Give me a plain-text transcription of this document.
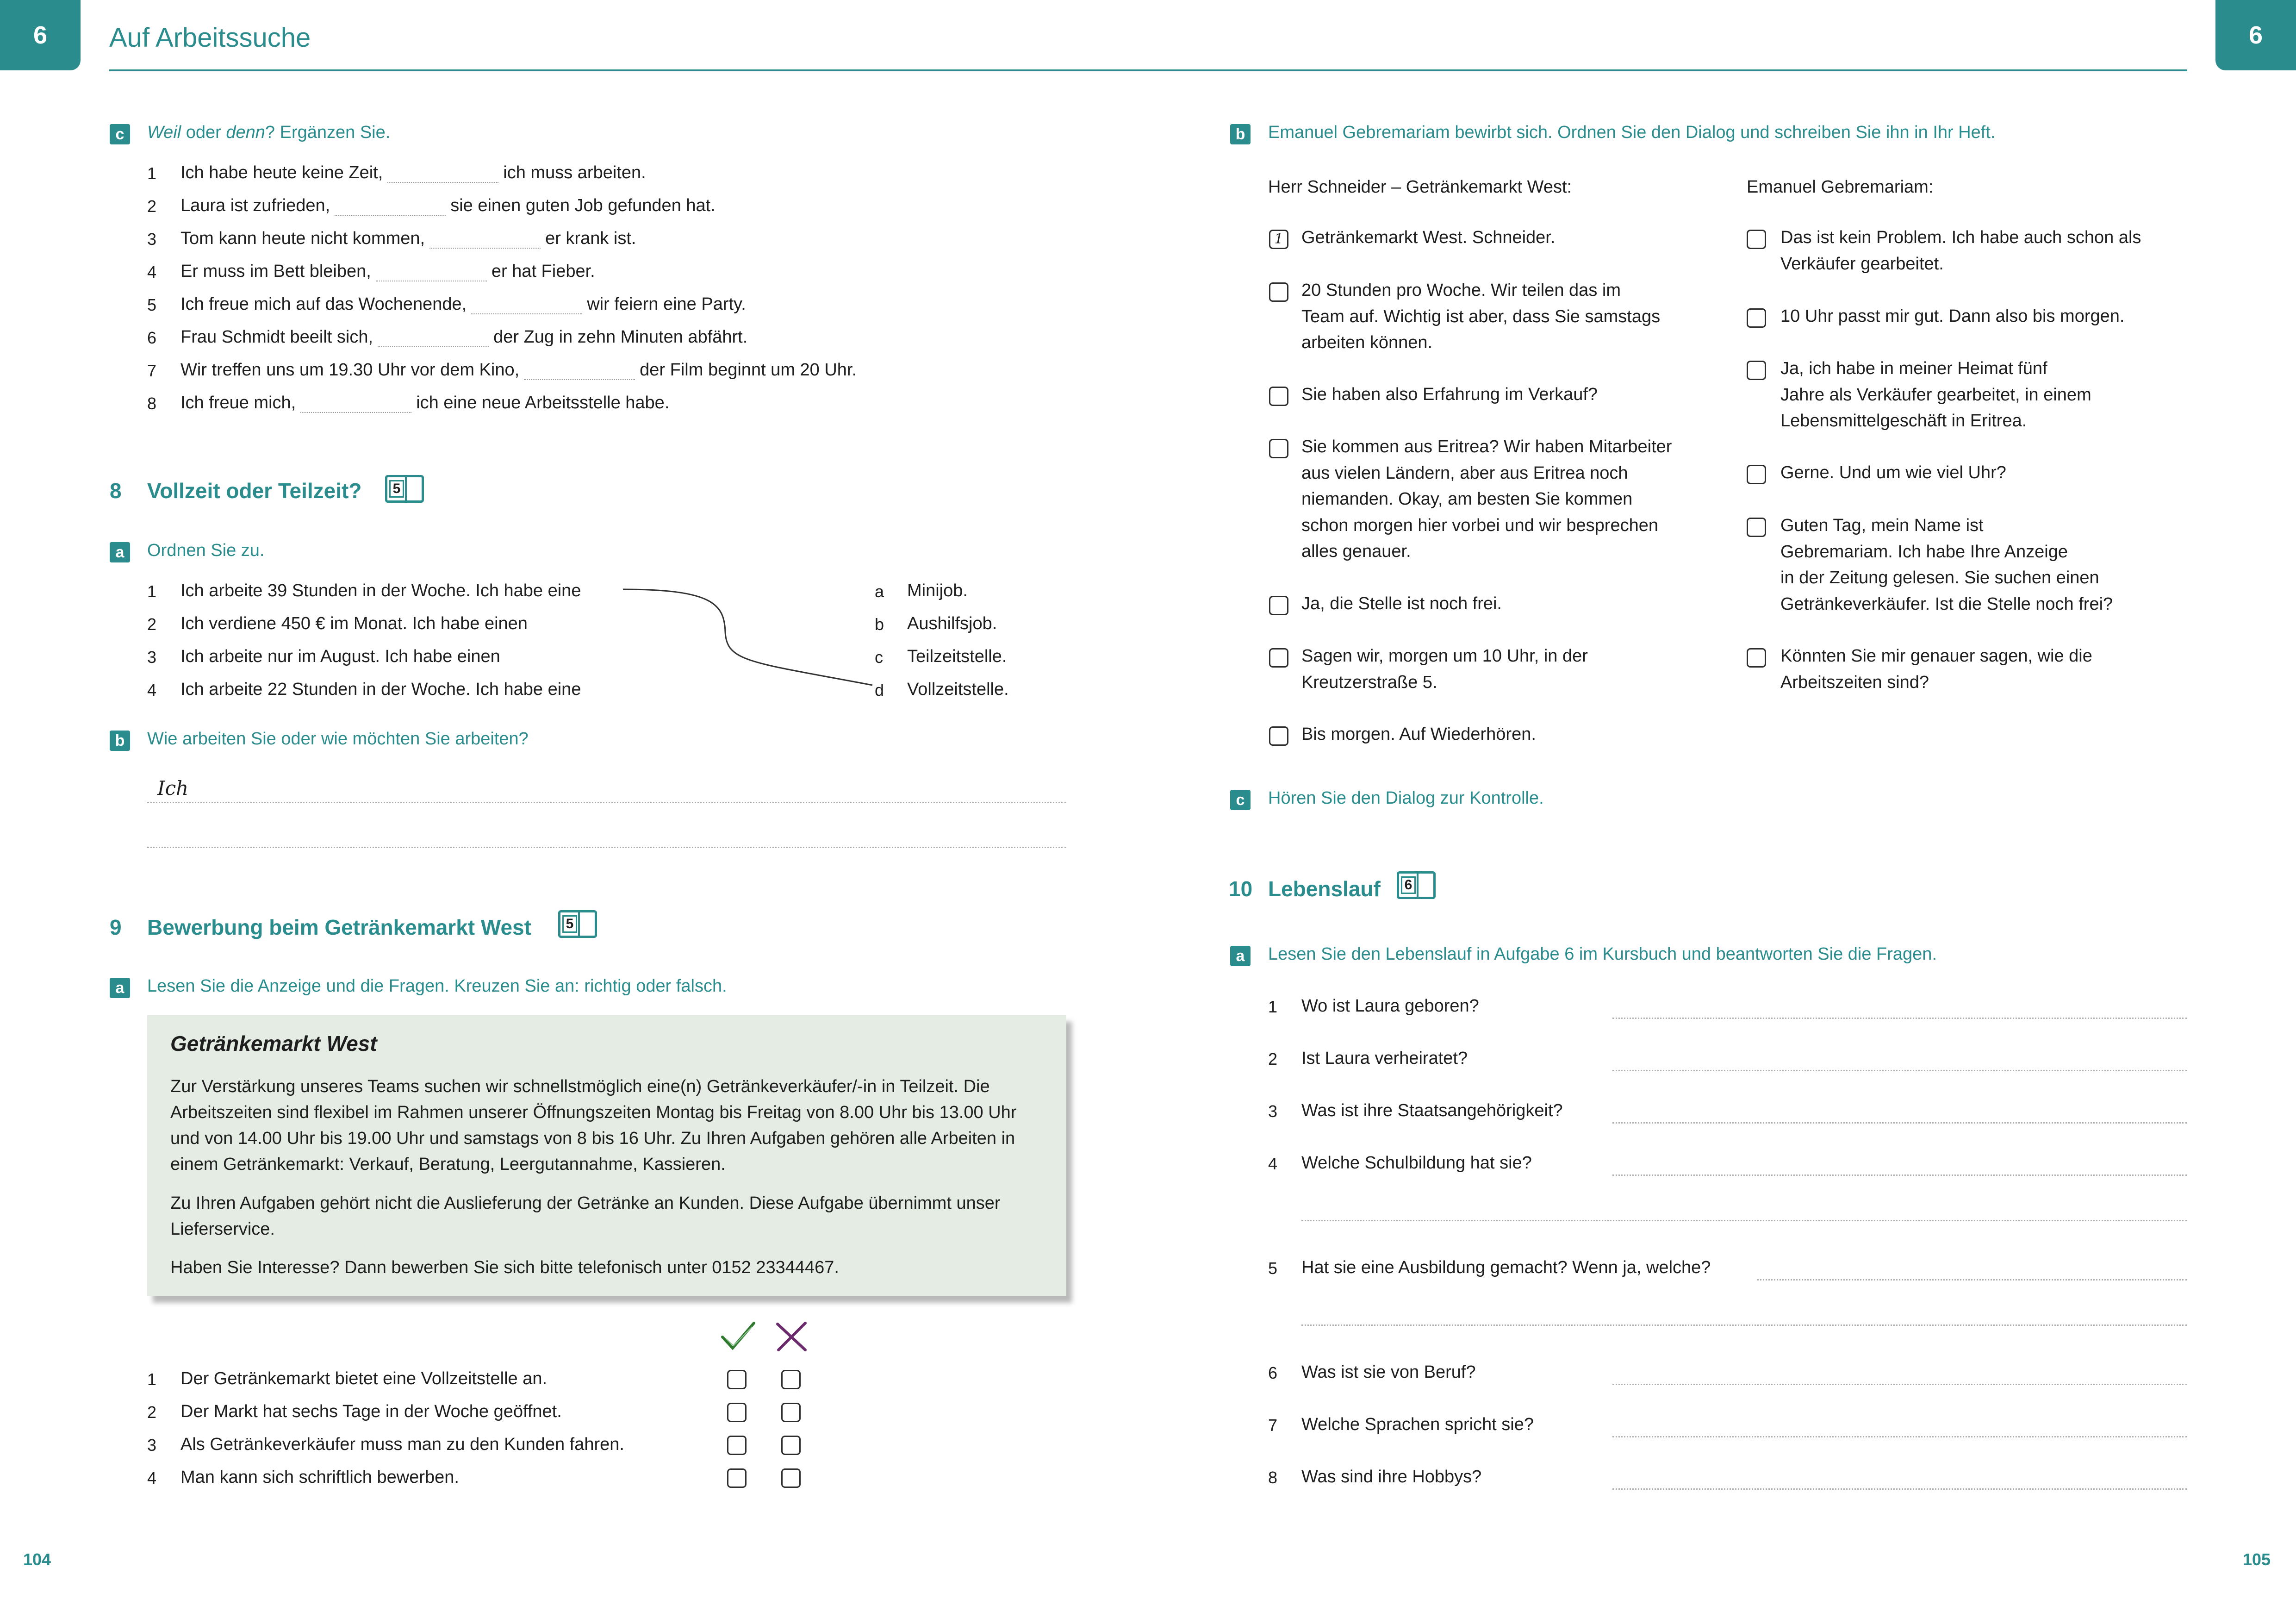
6	6
Auf Arbeitssuche
c	Weil oder denn? Ergänzen Sie.
1 Ich habe heute keine Zeit,	ich muss arbeiten.
2 Laura ist zufrieden,	sie einen guten Job gefunden hat.
3 Tom kann heute nicht kommen,	er krank ist.
4 Er muss im Bett bleiben,	er hat Fieber.
5 Ich freue mich auf das Wochenende,	wir feiern eine Party.
6 Frau Schmidt beeilt sich,	der Zug in zehn Minuten abfährt.
7 Wir treffen uns um 19.30 Uhr vor dem Kino,	der Film beginnt um 20 Uhr.
8 Ich freue mich,	ich eine neue Arbeitsstelle habe.
8 Vollzeit oder Teilzeit? 5
a	Ordnen Sie zu.
1 Ich arbeite 39 Stunden in der Woche. Ich habe eine
2 Ich verdiene 450 € im Monat. Ich habe einen
3 Ich arbeite nur im August. Ich habe einen
4 Ich arbeite 22 Stunden in der Woche. Ich habe eine
a Minijob.
b Aushilfsjob.
c Teilzeitstelle.
d Vollzeitstelle.
b	Wie arbeiten Sie oder wie möchten Sie arbeiten?
Ich
9 Bewerbung beim Getränkemarkt West 5
a	Lesen Sie die Anzeige und die Fragen. Kreuzen Sie an: richtig oder falsch.
Getränkemarkt West

Zur Verstärkung unseres Teams suchen wir schnellstmöglich eine(n) Getränkeverkäufer/-in in Teilzeit. Die Arbeitszeiten sind flexibel im Rahmen unserer Öffnungszeiten Montag bis Freitag von 8.00 Uhr bis 13.00 Uhr und von 14.00 Uhr bis 19.00 Uhr und samstags von 8 bis 16 Uhr. Zu Ihren Aufgaben gehören alle Arbeiten in einem Getränkemarkt: Verkauf, Beratung, Leergutannahme, Kassieren.

Zu Ihren Aufgaben gehört nicht die Auslieferung der Getränke an Kunden. Diese Aufgabe übernimmt unser Lieferservice.

Haben Sie Interesse? Dann bewerben Sie sich bitte telefonisch unter 0152 23344467.

1 Der Getränkemarkt bietet eine Vollzeitstelle an.
2 Der Markt hat sechs Tage in der Woche geöffnet.
3 Als Getränkeverkäufer muss man zu den Kunden fahren.
4 Man kann sich schriftlich bewerben.
104
b	Emanuel Gebremariam bewirbt sich. Ordnen Sie den Dialog und schreiben Sie ihn in Ihr Heft.
Herr Schneider – Getränkemarkt West:	Emanuel Gebremariam:
1	Getränkemarkt West. Schneider.
20 Stunden pro Woche. Wir teilen das im
Team auf. Wichtig ist aber, dass Sie samstags
arbeiten können.
Sie haben also Erfahrung im Verkauf?
Sie kommen aus Eritrea? Wir haben Mitarbeiter
aus vielen Ländern, aber aus Eritrea noch
niemanden. Okay, am besten Sie kommen
schon morgen hier vorbei und wir besprechen
alles genauer.
Ja, die Stelle ist noch frei.
Sagen wir, morgen um 10 Uhr, in der
Kreutzerstraße 5.
Bis morgen. Auf Wiederhören.
Das ist kein Problem. Ich habe auch schon als
Verkäufer gearbeitet.
10 Uhr passt mir gut. Dann also bis morgen.
Ja, ich habe in meiner Heimat fünf
Jahre als Verkäufer gearbeitet, in einem
Lebensmittelgeschäft in Eritrea.
Gerne. Und um wie viel Uhr?
Guten Tag, mein Name ist
Gebremariam. Ich habe Ihre Anzeige
in der Zeitung gelesen. Sie suchen einen
Getränkeverkäufer. Ist die Stelle noch frei?
Könnten Sie mir genauer sagen, wie die
Arbeitszeiten sind?
c	Hören Sie den Dialog zur Kontrolle.
10 Lebenslauf 6
a	Lesen Sie den Lebenslauf in Aufgabe 6 im Kursbuch und beantworten Sie die Fragen.
1 Wo ist Laura geboren?
2 Ist Laura verheiratet?
3 Was ist ihre Staatsangehörigkeit?
4 Welche Schulbildung hat sie?
5 Hat sie eine Ausbildung gemacht? Wenn ja, welche?
6 Was ist sie von Beruf?
7 Welche Sprachen spricht sie?
8 Was sind ihre Hobbys?
105
